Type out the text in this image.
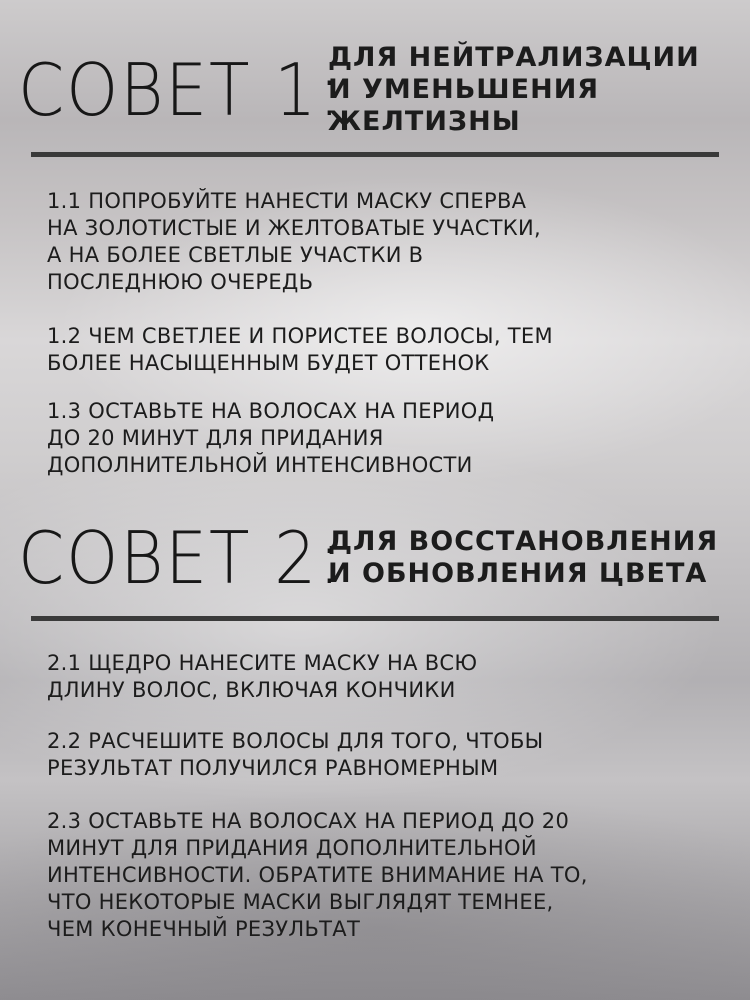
СОВЕТ 1:
ДЛЯ НЕЙТРАЛИЗАЦИИ
И УМЕНЬШЕНИЯ
ЖЕЛТИЗНЫ
1.1 ПОПРОБУЙТЕ НАНЕСТИ МАСКУ СПЕРВА
НА ЗОЛОТИСТЫЕ И ЖЕЛТОВАТЫЕ УЧАСТКИ,
А НА БОЛЕЕ СВЕТЛЫЕ УЧАСТКИ В
ПОСЛЕДНЮЮ ОЧЕРЕДЬ
1.2 ЧЕМ СВЕТЛЕЕ И ПОРИСТЕЕ ВОЛОСЫ, ТЕМ
БОЛЕЕ НАСЫЩЕННЫМ БУДЕТ ОТТЕНОК
1.3 ОСТАВЬТЕ НА ВОЛОСАХ НА ПЕРИОД
ДО 20 МИНУТ ДЛЯ ПРИДАНИЯ
ДОПОЛНИТЕЛЬНОЙ ИНТЕНСИВНОСТИ
СОВЕТ 2:
ДЛЯ ВОССТАНОВЛЕНИЯ
И ОБНОВЛЕНИЯ ЦВЕТА
2.1 ЩЕДРО НАНЕСИТЕ МАСКУ НА ВСЮ
ДЛИНУ ВОЛОС, ВКЛЮЧАЯ КОНЧИКИ
2.2 РАСЧЕШИТЕ ВОЛОСЫ ДЛЯ ТОГО, ЧТОБЫ
РЕЗУЛЬТАТ ПОЛУЧИЛСЯ РАВНОМЕРНЫМ
2.3 ОСТАВЬТЕ НА ВОЛОСАХ НА ПЕРИОД ДО 20
МИНУТ ДЛЯ ПРИДАНИЯ ДОПОЛНИТЕЛЬНОЙ
ИНТЕНСИВНОСТИ. ОБРАТИТЕ ВНИМАНИЕ НА ТО,
ЧТО НЕКОТОРЫЕ МАСКИ ВЫГЛЯДЯТ ТЕМНЕЕ,
ЧЕМ КОНЕЧНЫЙ РЕЗУЛЬТАТ
